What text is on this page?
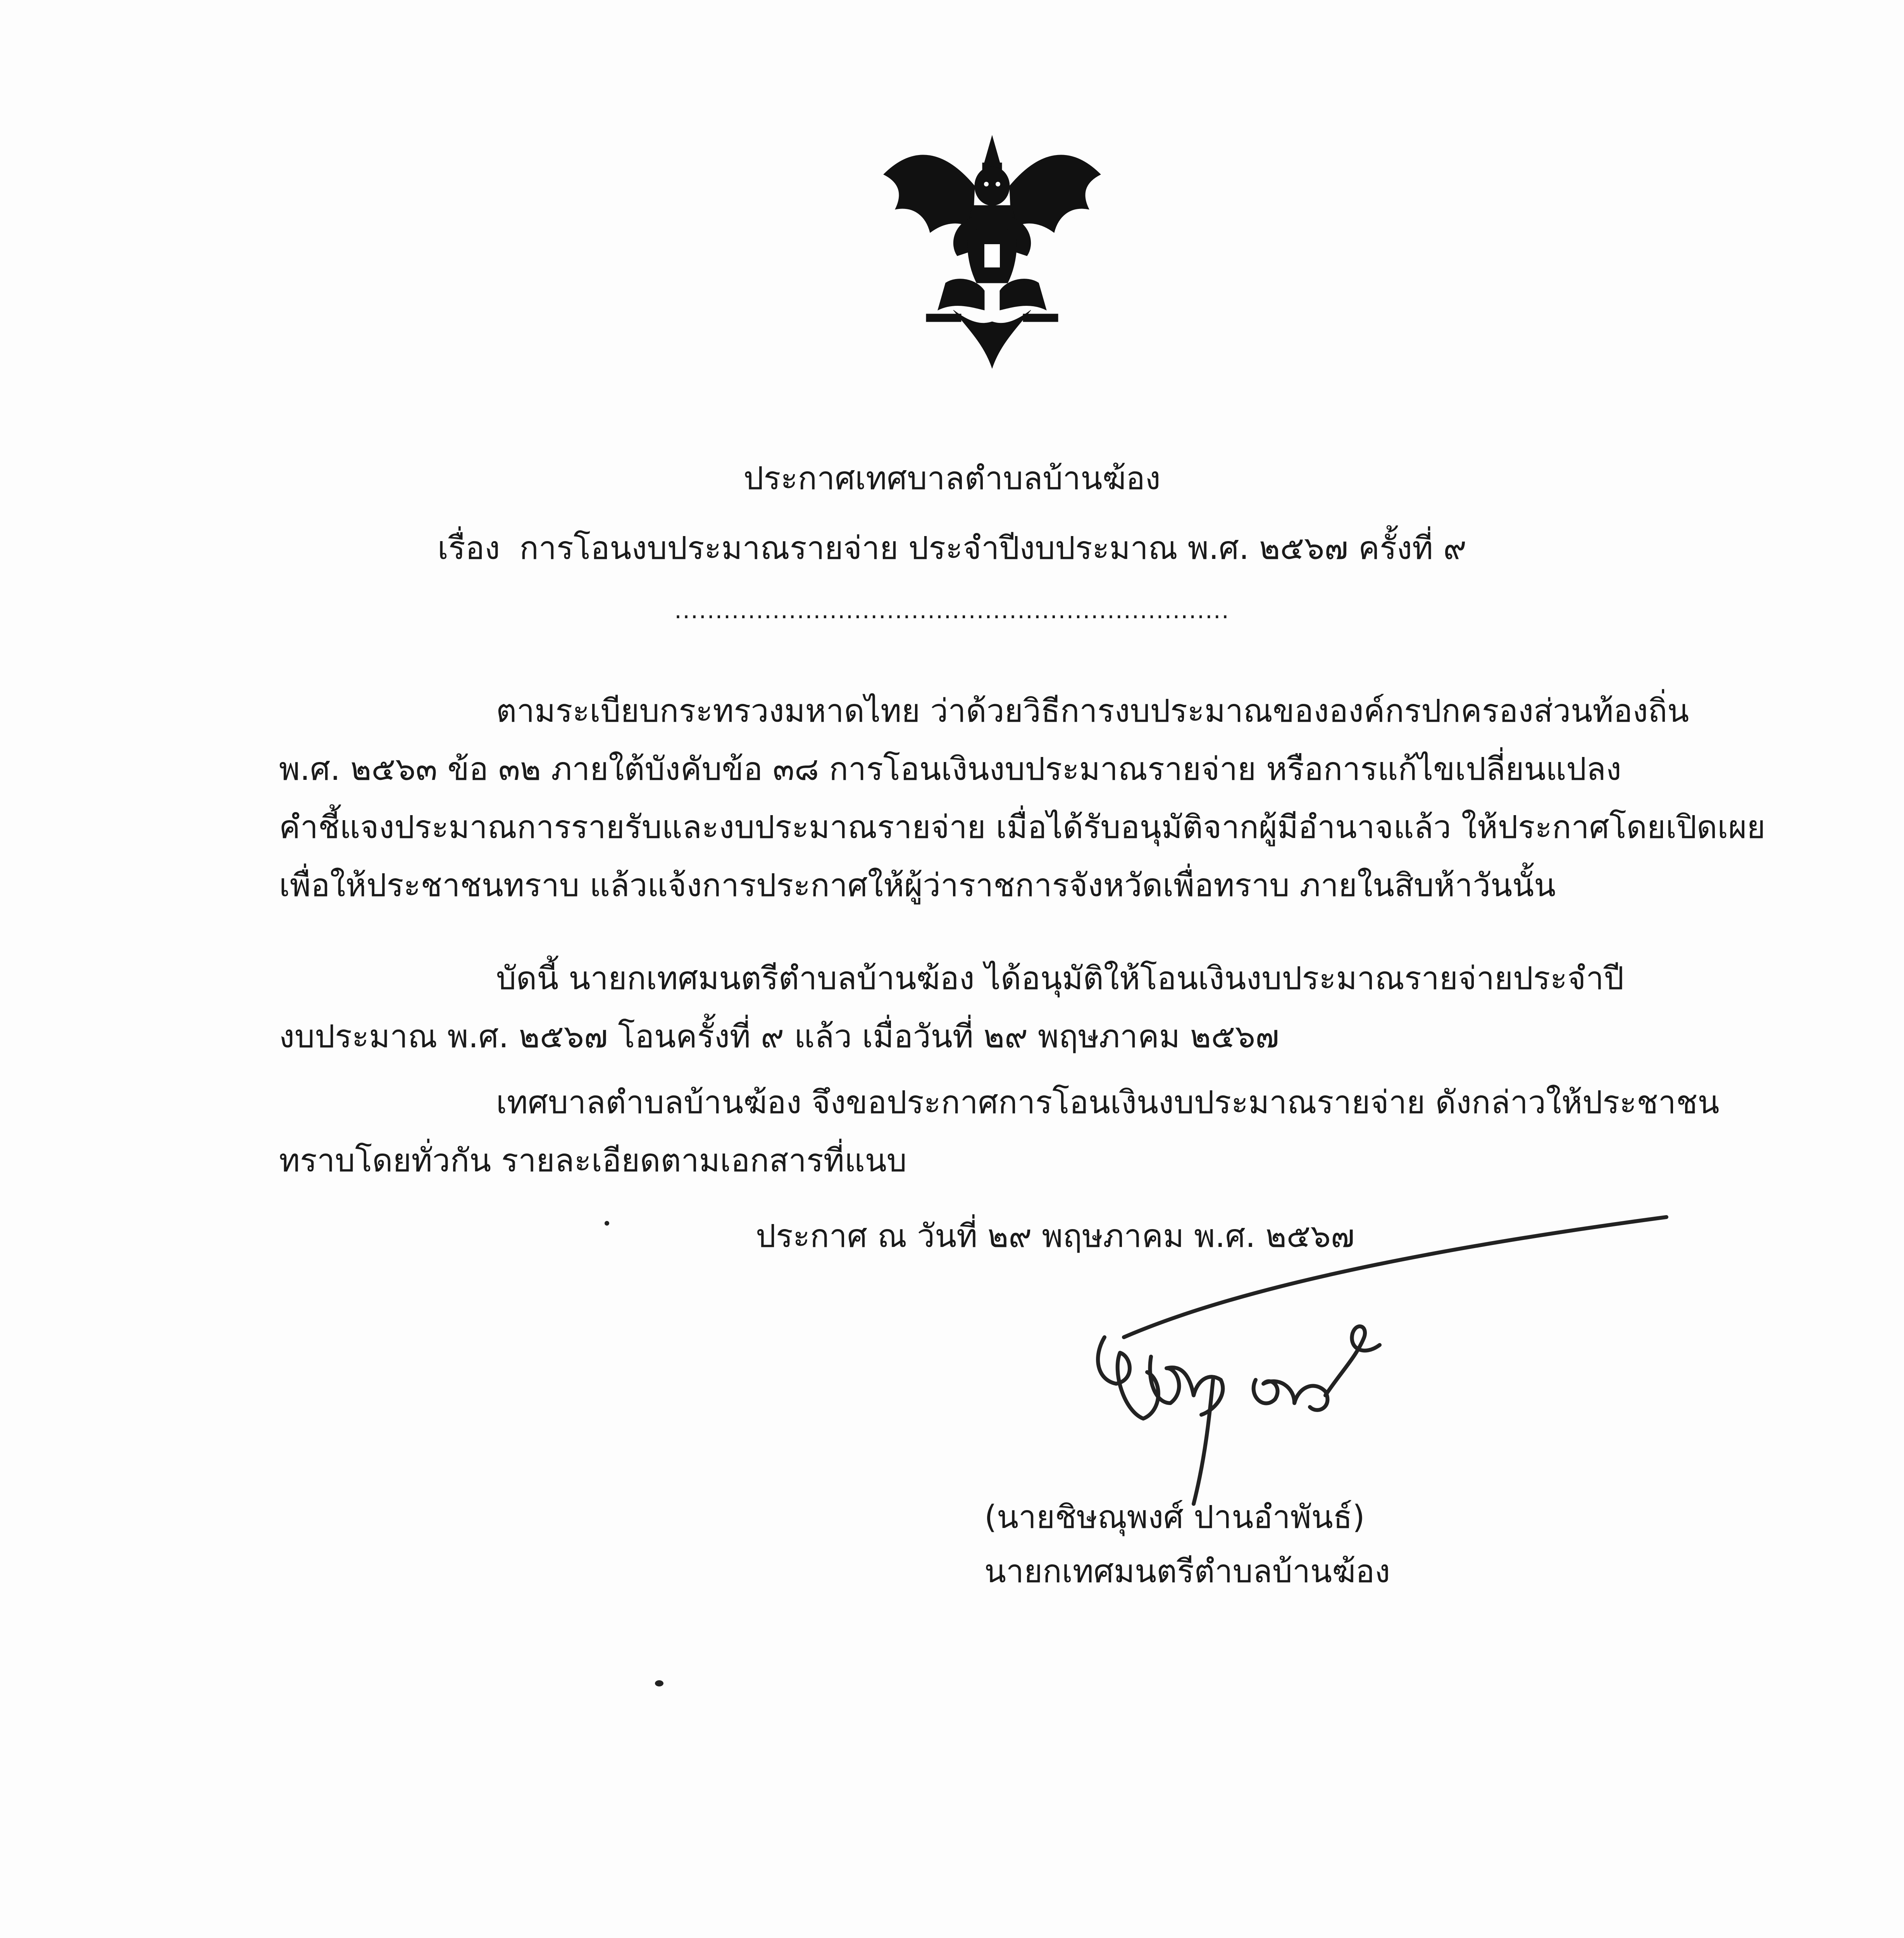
ประกาศเทศบาลตำบลบ้านฆ้อง
เรื่อง การโอนงบประมาณรายจ่าย ประจำปีงบประมาณ พ.ศ. ๒๕๖๗ ครั้งที่ ๙
....................................................................
ตามระเบียบกระทรวงมหาดไทย ว่าด้วยวิธีการงบประมาณขององค์กรปกครองส่วนท้องถิ่น
พ.ศ. ๒๕๖๓ ข้อ ๓๒ ภายใต้บังคับข้อ ๓๘ การโอนเงินงบประมาณรายจ่าย หรือการแก้ไขเปลี่ยนแปลง
คำชี้แจงประมาณการรายรับและงบประมาณรายจ่าย เมื่อได้รับอนุมัติจากผู้มีอำนาจแล้ว ให้ประกาศโดยเปิดเผย
เพื่อให้ประชาชนทราบ แล้วแจ้งการประกาศให้ผู้ว่าราชการจังหวัดเพื่อทราบ ภายในสิบห้าวันนั้น
บัดนี้ นายกเทศมนตรีตำบลบ้านฆ้อง ได้อนุมัติให้โอนเงินงบประมาณรายจ่ายประจำปี
งบประมาณ พ.ศ. ๒๕๖๗ โอนครั้งที่ ๙ แล้ว เมื่อวันที่ ๒๙ พฤษภาคม ๒๕๖๗
เทศบาลตำบลบ้านฆ้อง จึงขอประกาศการโอนเงินงบประมาณรายจ่าย ดังกล่าวให้ประชาชน
ทราบโดยทั่วกัน รายละเอียดตามเอกสารที่แนบ
ประกาศ ณ วันที่ ๒๙ พฤษภาคม พ.ศ. ๒๕๖๗
(นายชิษณุพงศ์ ปานอำพันธ์)
นายกเทศมนตรีตำบลบ้านฆ้อง
